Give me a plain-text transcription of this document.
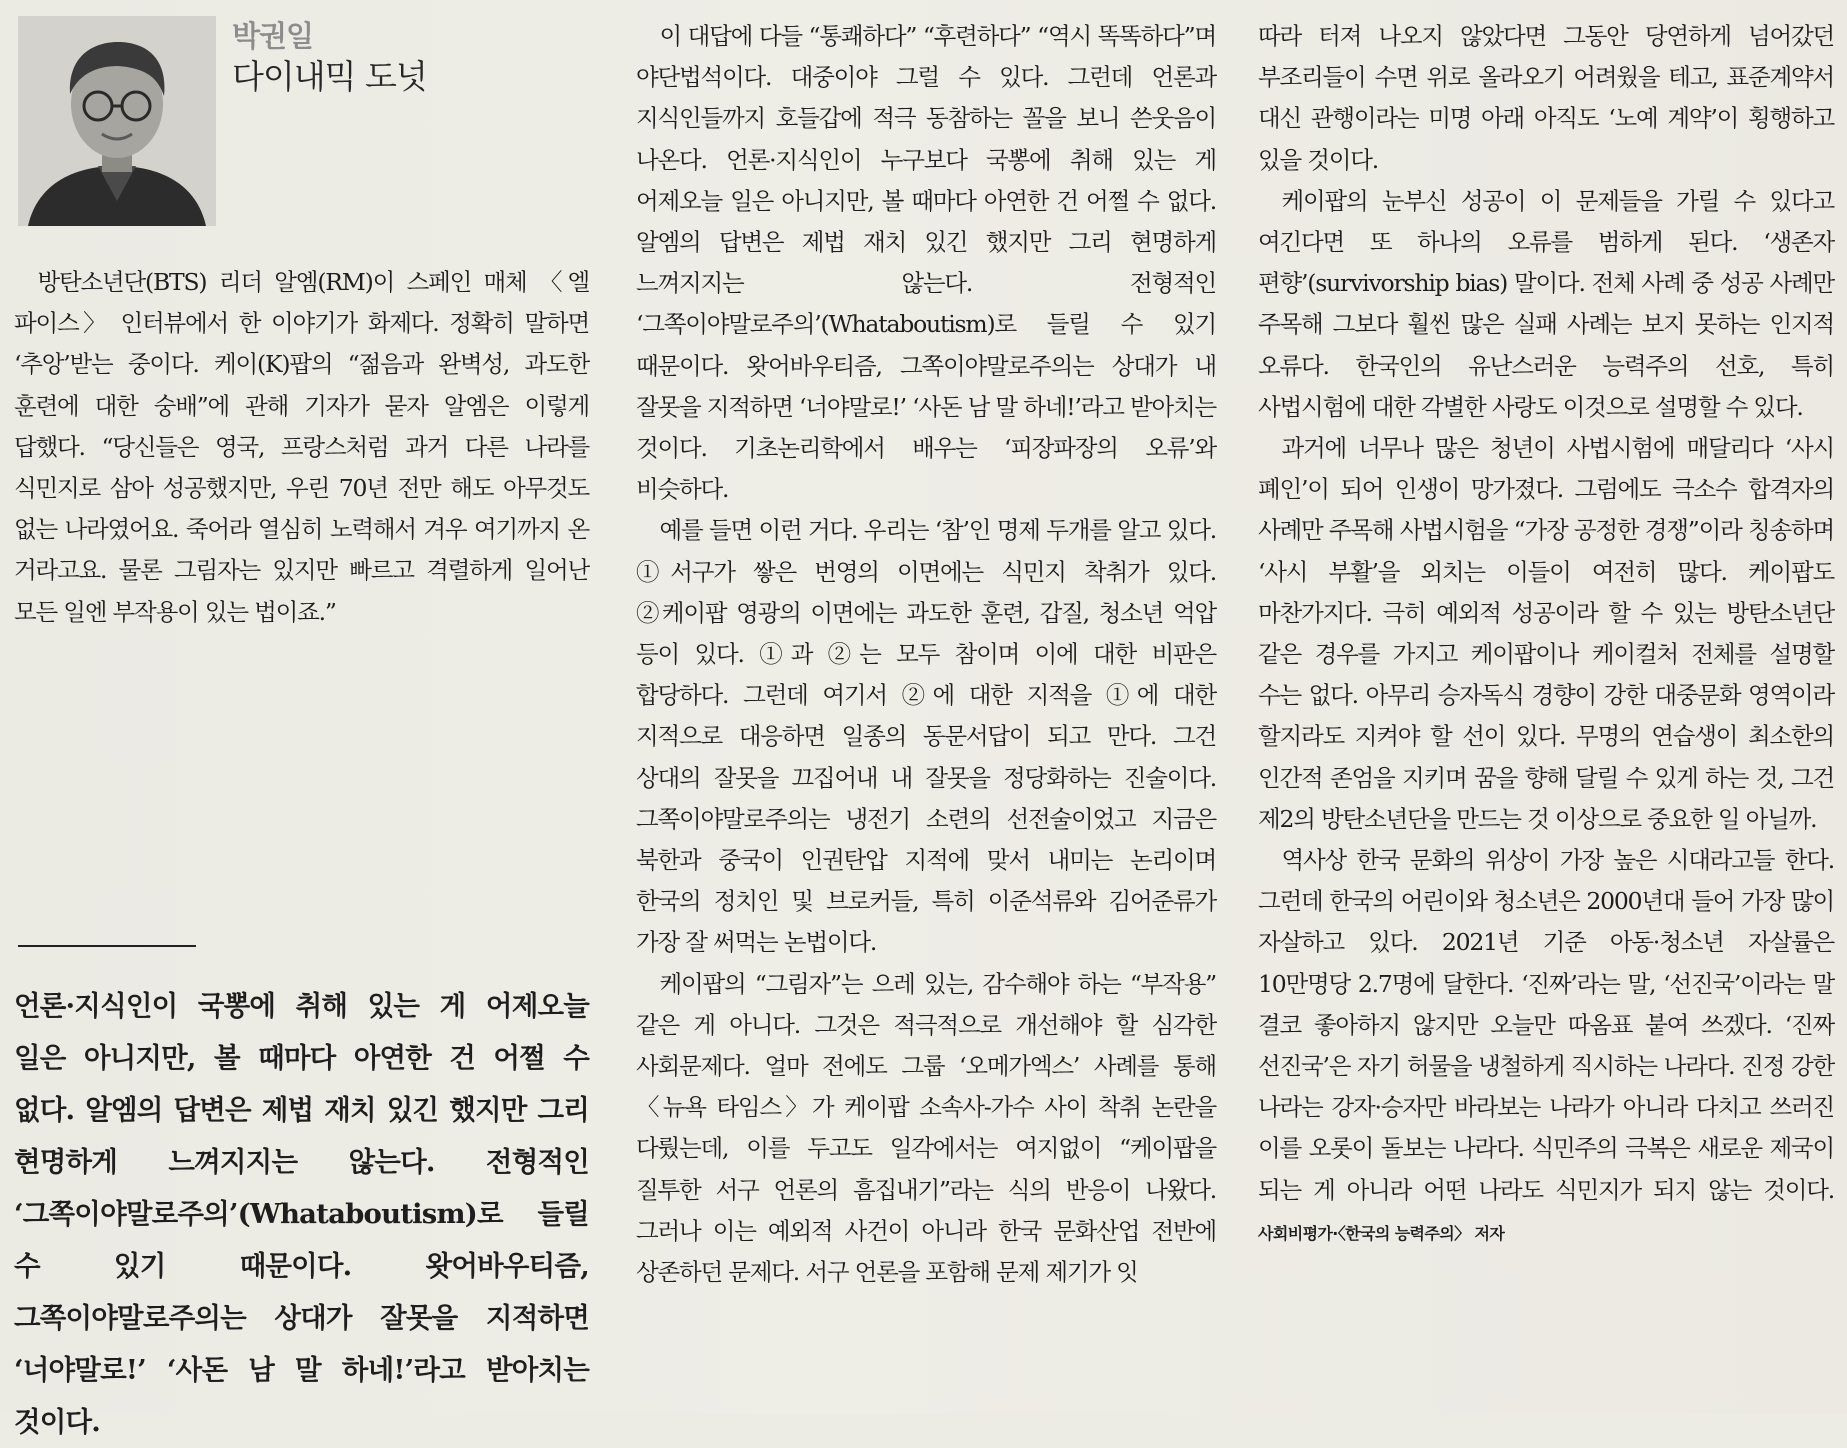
박권일
다이내믹 도넛

방탄소년단(BTS) 리더 알엠(RM)이 스페인 매체 〈엘 파이스〉 인터뷰에서 한 이야기가 화제다. 정확히 말하면 ‘추앙’받는 중이다. 케이(K)팝의 “젊음과 완벽성, 과도한 훈련에 대한 숭배”에 관해 기자가 묻자 알엠은 이렇게 답했다. “당신들은 영국, 프랑스처럼 과거 다른 나라를 식민지로 삼아 성공했지만, 우린 70년 전만 해도 아무것도 없는 나라였어요. 죽어라 열심히 노력해서 겨우 여기까지 온 거라고요. 물론 그림자는 있지만 빠르고 격렬하게 일어난 모든 일엔 부작용이 있는 법이죠.”

언론·지식인이 국뽕에 취해 있는 게 어제오늘 일은 아니지만, 볼 때마다 아연한 건 어쩔 수 없다. 알엠의 답변은 제법 재치 있긴 했지만 그리 현명하게 느껴지지는 않는다. 전형적인 ‘그쪽이야말로주의’(Whataboutism)로 들릴 수 있기 때문이다. 왓어바우티즘, 그쪽이야말로주의는 상대가 잘못을 지적하면 ‘너야말로!’ ‘사돈 남 말 하네!’라고 받아치는 것이다.

이 대답에 다들 “통쾌하다” “후련하다” “역시 똑똑하다”며 야단법석이다. 대중이야 그럴 수 있다. 그런데 언론과 지식인들까지 호들갑에 적극 동참하는 꼴을 보니 쓴웃음이 나온다. 언론·지식인이 누구보다 국뽕에 취해 있는 게 어제오늘 일은 아니지만, 볼 때마다 아연한 건 어쩔 수 없다. 알엠의 답변은 제법 재치 있긴 했지만 그리 현명하게 느껴지지는 않는다. 전형적인 ‘그쪽이야말로주의’(Whataboutism)로 들릴 수 있기 때문이다. 왓어바우티즘, 그쪽이야말로주의는 상대가 내 잘못을 지적하면 ‘너야말로!’ ‘사돈 남 말 하네!’라고 받아치는 것이다. 기초논리학에서 배우는 ‘피장파장의 오류’와 비슷하다.

예를 들면 이런 거다. 우리는 ‘참’인 명제 두개를 알고 있다. ①서구가 쌓은 번영의 이면에는 식민지 착취가 있다. ②케이팝 영광의 이면에는 과도한 훈련, 갑질, 청소년 억압 등이 있다. ①과 ②는 모두 참이며 이에 대한 비판은 합당하다. 그런데 여기서 ②에 대한 지적을 ①에 대한 지적으로 대응하면 일종의 동문서답이 되고 만다. 그건 상대의 잘못을 끄집어내 내 잘못을 정당화하는 진술이다. 그쪽이야말로주의는 냉전기 소련의 선전술이었고 지금은 북한과 중국이 인권탄압 지적에 맞서 내미는 논리이며 한국의 정치인 및 브로커들, 특히 이준석류와 김어준류가 가장 잘 써먹는 논법이다.

케이팝의 “그림자”는 으레 있는, 감수해야 하는 “부작용” 같은 게 아니다. 그것은 적극적으로 개선해야 할 심각한 사회문제다. 얼마 전에도 그룹 ‘오메가엑스’ 사례를 통해 〈뉴욕 타임스〉가 케이팝 소속사-가수 사이 착취 논란을 다뤘는데, 이를 두고도 일각에서는 여지없이 “케이팝을 질투한 서구 언론의 흠집내기”라는 식의 반응이 나왔다. 그러나 이는 예외적 사건이 아니라 한국 문화산업 전반에 상존하던 문제다. 서구 언론을 포함해 문제 제기가 잇

따라 터져 나오지 않았다면 그동안 당연하게 넘어갔던 부조리들이 수면 위로 올라오기 어려웠을 테고, 표준계약서 대신 관행이라는 미명 아래 아직도 ‘노예 계약’이 횡행하고 있을 것이다.

케이팝의 눈부신 성공이 이 문제들을 가릴 수 있다고 여긴다면 또 하나의 오류를 범하게 된다. ‘생존자 편향’(survivorship bias) 말이다. 전체 사례 중 성공 사례만 주목해 그보다 훨씬 많은 실패 사례는 보지 못하는 인지적 오류다. 한국인의 유난스러운 능력주의 선호, 특히 사법시험에 대한 각별한 사랑도 이것으로 설명할 수 있다.

과거에 너무나 많은 청년이 사법시험에 매달리다 ‘사시 폐인’이 되어 인생이 망가졌다. 그럼에도 극소수 합격자의 사례만 주목해 사법시험을 “가장 공정한 경쟁”이라 칭송하며 ‘사시 부활’을 외치는 이들이 여전히 많다. 케이팝도 마찬가지다. 극히 예외적 성공이라 할 수 있는 방탄소년단 같은 경우를 가지고 케이팝이나 케이컬처 전체를 설명할 수는 없다. 아무리 승자독식 경향이 강한 대중문화 영역이라 할지라도 지켜야 할 선이 있다. 무명의 연습생이 최소한의 인간적 존엄을 지키며 꿈을 향해 달릴 수 있게 하는 것, 그건 제2의 방탄소년단을 만드는 것 이상으로 중요한 일 아닐까.

역사상 한국 문화의 위상이 가장 높은 시대라고들 한다. 그런데 한국의 어린이와 청소년은 2000년대 들어 가장 많이 자살하고 있다. 2021년 기준 아동·청소년 자살률은 10만명당 2.7명에 달한다. ‘진짜’라는 말, ‘선진국’이라는 말 결코 좋아하지 않지만 오늘만 따옴표 붙여 쓰겠다. ‘진짜 선진국’은 자기 허물을 냉철하게 직시하는 나라다. 진정 강한 나라는 강자·승자만 바라보는 나라가 아니라 다치고 쓰러진 이를 오롯이 돌보는 나라다. 식민주의 극복은 새로운 제국이 되는 게 아니라 어떤 나라도 식민지가 되지 않는 것이다. 사회비평가·〈한국의 능력주의〉 저자
